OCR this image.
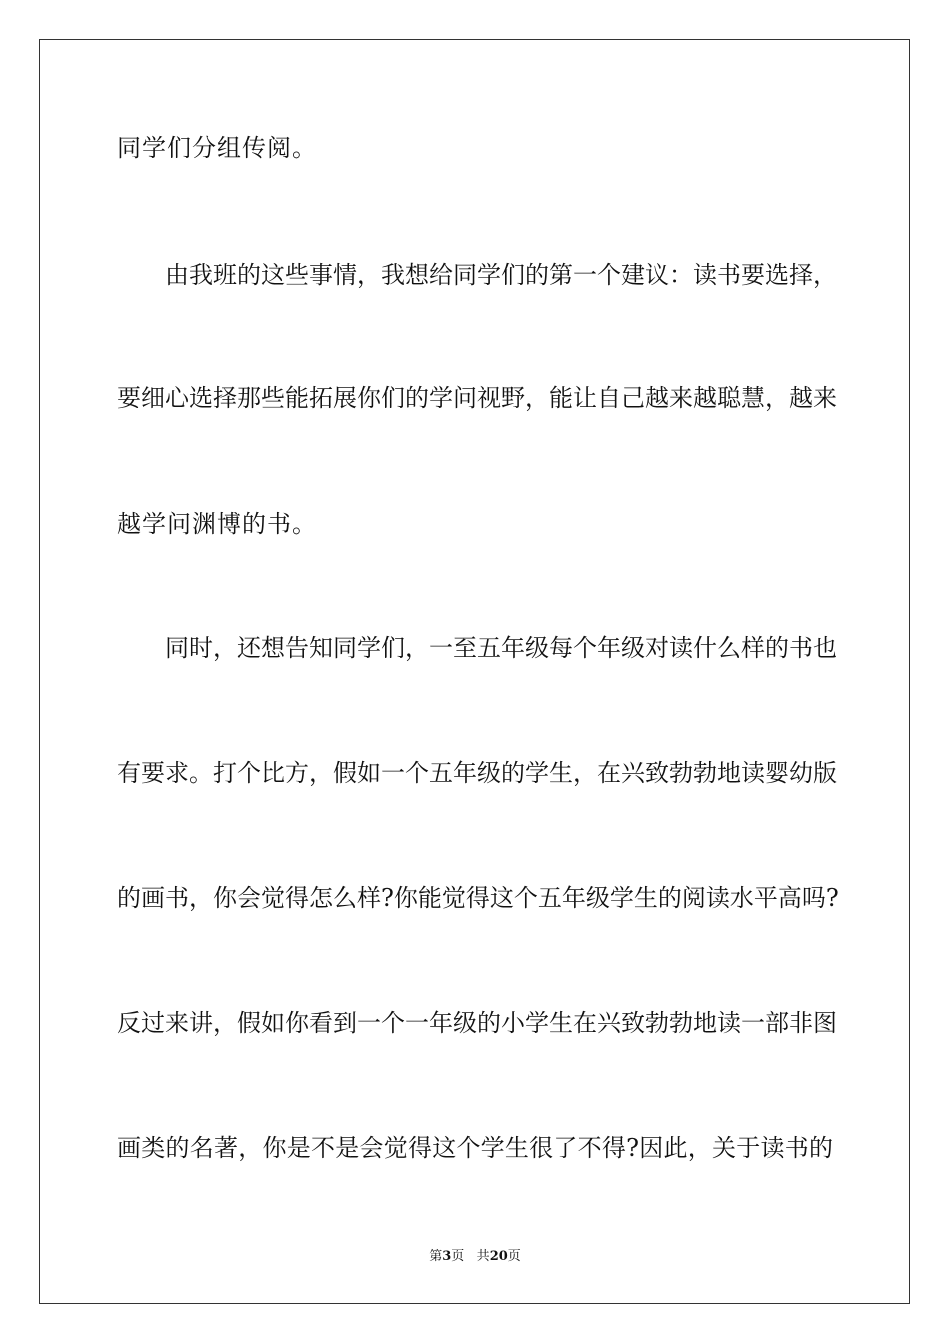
同学们分组传阅。
由我班的这些事情，我想给同学们的第一个建议：读书要选择，
要细心选择那些能拓展你们的学问视野，能让自己越来越聪慧，越来
越学问渊博的书。
同时，还想告知同学们，一至五年级每个年级对读什么样的书也
有要求。打个比方，假如一个五年级的学生，在兴致勃勃地读婴幼版
的画书，你会觉得怎么样?你能觉得这个五年级学生的阅读水平高吗?
反过来讲，假如你看到一个一年级的小学生在兴致勃勃地读一部非图
画类的名著，你是不是会觉得这个学生很了不得?因此，关于读书的
第3页 共20页
